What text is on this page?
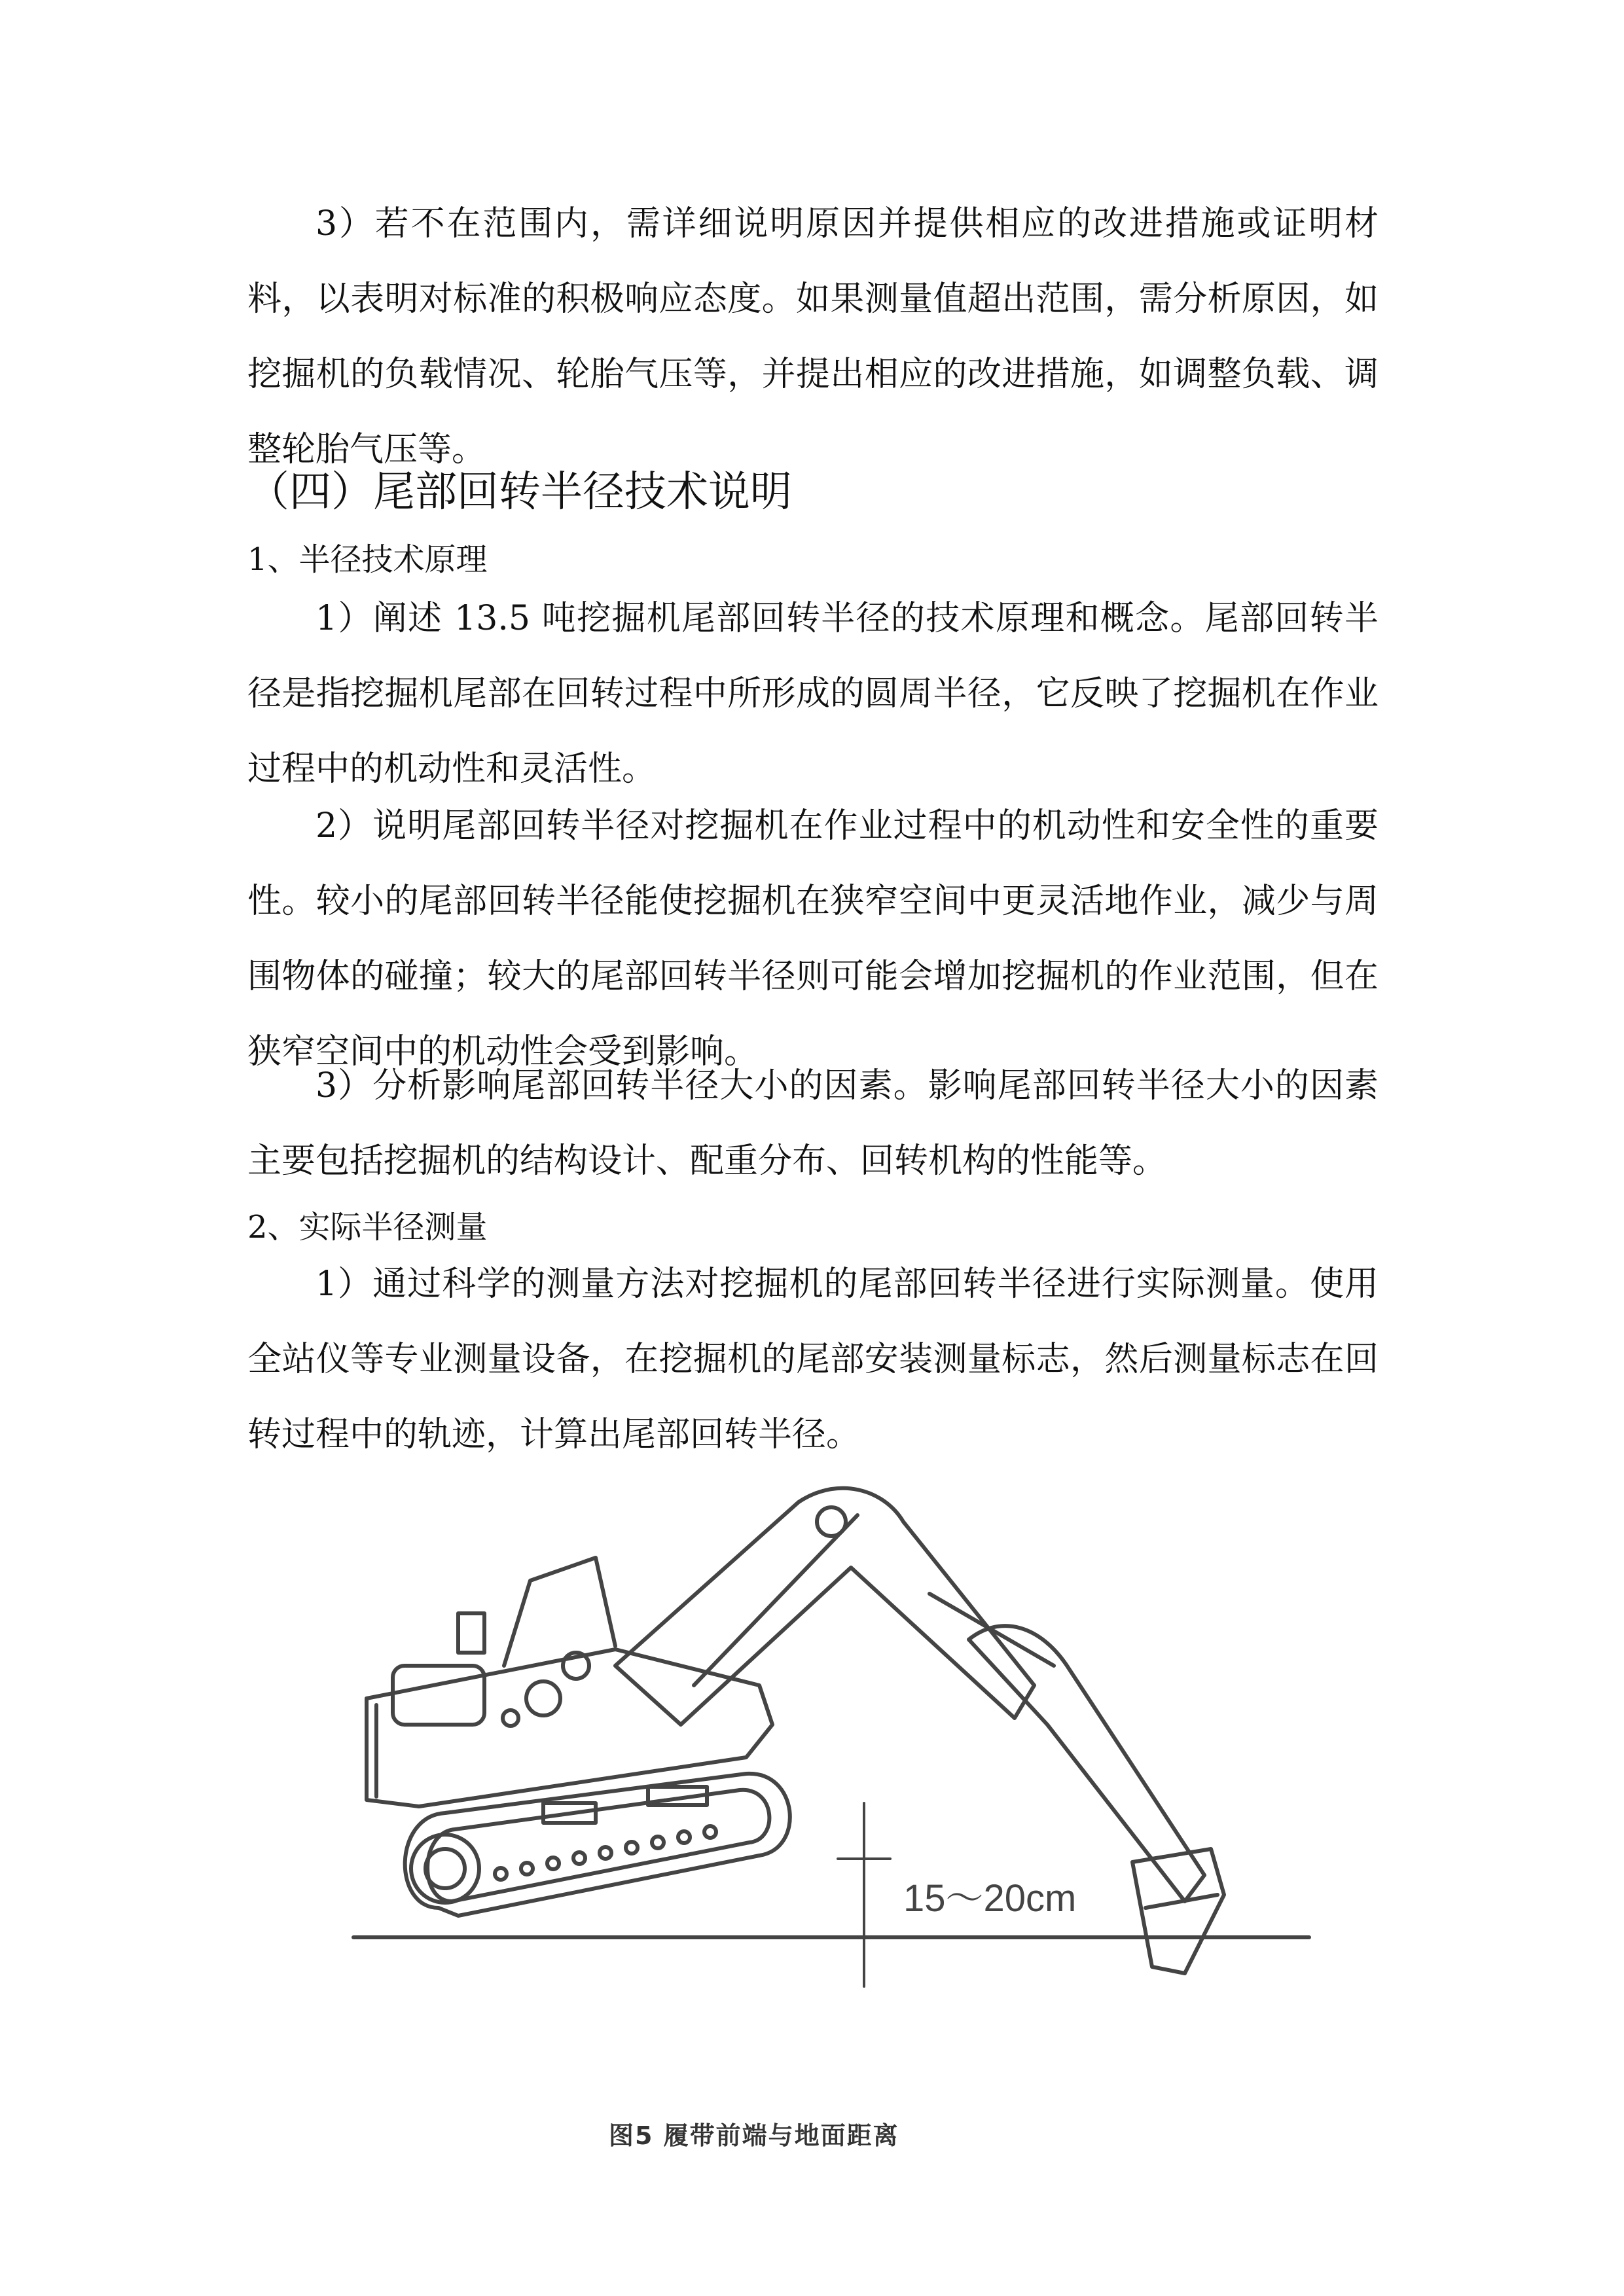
3）若不在范围内，需详细说明原因并提供相应的改进措施或证明材料，以表明对标准的积极响应态度。如果测量值超出范围，需分析原因，如挖掘机的负载情况、轮胎气压等，并提出相应的改进措施，如调整负载、调整轮胎气压等。

（四）尾部回转半径技术说明
1、半径技术原理

1）阐述 13.5 吨挖掘机尾部回转半径的技术原理和概念。尾部回转半径是指挖掘机尾部在回转过程中所形成的圆周半径，它反映了挖掘机在作业过程中的机动性和灵活性。

2）说明尾部回转半径对挖掘机在作业过程中的机动性和安全性的重要性。较小的尾部回转半径能使挖掘机在狭窄空间中更灵活地作业，减少与周围物体的碰撞；较大的尾部回转半径则可能会增加挖掘机的作业范围，但在狭窄空间中的机动性会受到影响。

3）分析影响尾部回转半径大小的因素。影响尾部回转半径大小的因素主要包括挖掘机的结构设计、配重分布、回转机构的性能等。

2、实际半径测量

1）通过科学的测量方法对挖掘机的尾部回转半径进行实际测量。使用全站仪等专业测量设备，在挖掘机的尾部安装测量标志，然后测量标志在回转过程中的轨迹，计算出尾部回转半径。

15～20cm
图5 履带前端与地面距离
